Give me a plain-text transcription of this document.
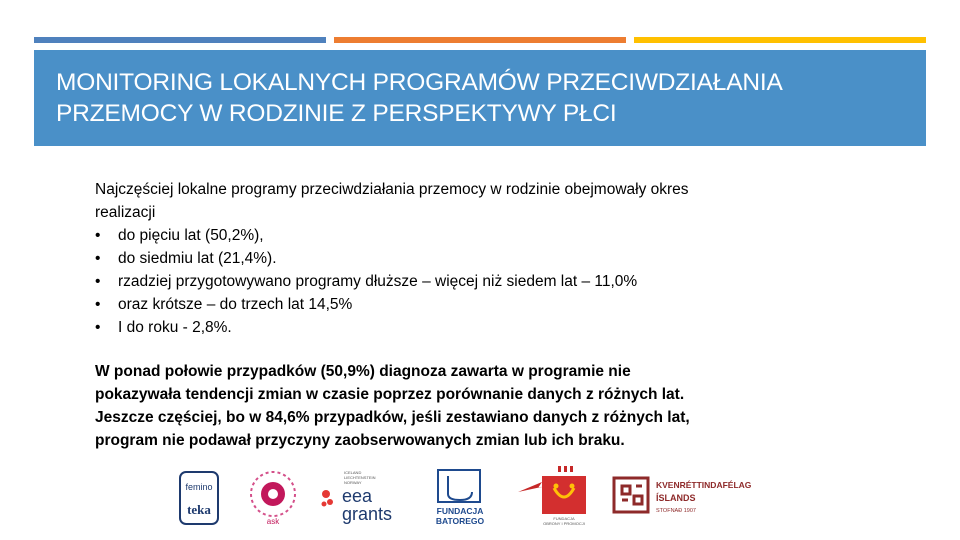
MONITORING LOKALNYCH PROGRAMÓW PRZECIWDZIAŁANIA
PRZEMOCY W RODZINIE Z PERSPEKTYWY PŁCI
Najczęściej lokalne programy przeciwdziałania przemocy w rodzinie obejmowały okres
realizacji
• do pięciu lat (50,2%),
• do siedmiu lat (21,4%).
• rzadziej przygotowywano programy dłuższe – więcej niż siedem lat – 11,0%
• oraz krótsze – do trzech lat 14,5%
• I do roku - 2,8%.
W ponad połowie przypadków (50,9%) diagnoza zawarta w programie nie
pokazywała tendencji zmian w czasie poprzez porównanie danych z różnych lat.
Jeszcze częściej, bo w 84,6% przypadków, jeśli zestawiano danych z różnych lat,
program nie podawał przyczyny zaobserwowanych zmian lub ich braku.
femino
teka
ask
ICELAND
LIECHTENSTEIN
NORWAY
eea
grants	FUNDACJA
BATOREGO	FUNDACJA
OBRONY I PROMOCJI
KVENRÉTTINDAFÉLAG
ÍSLANDS
STOFNAÐ 1907
